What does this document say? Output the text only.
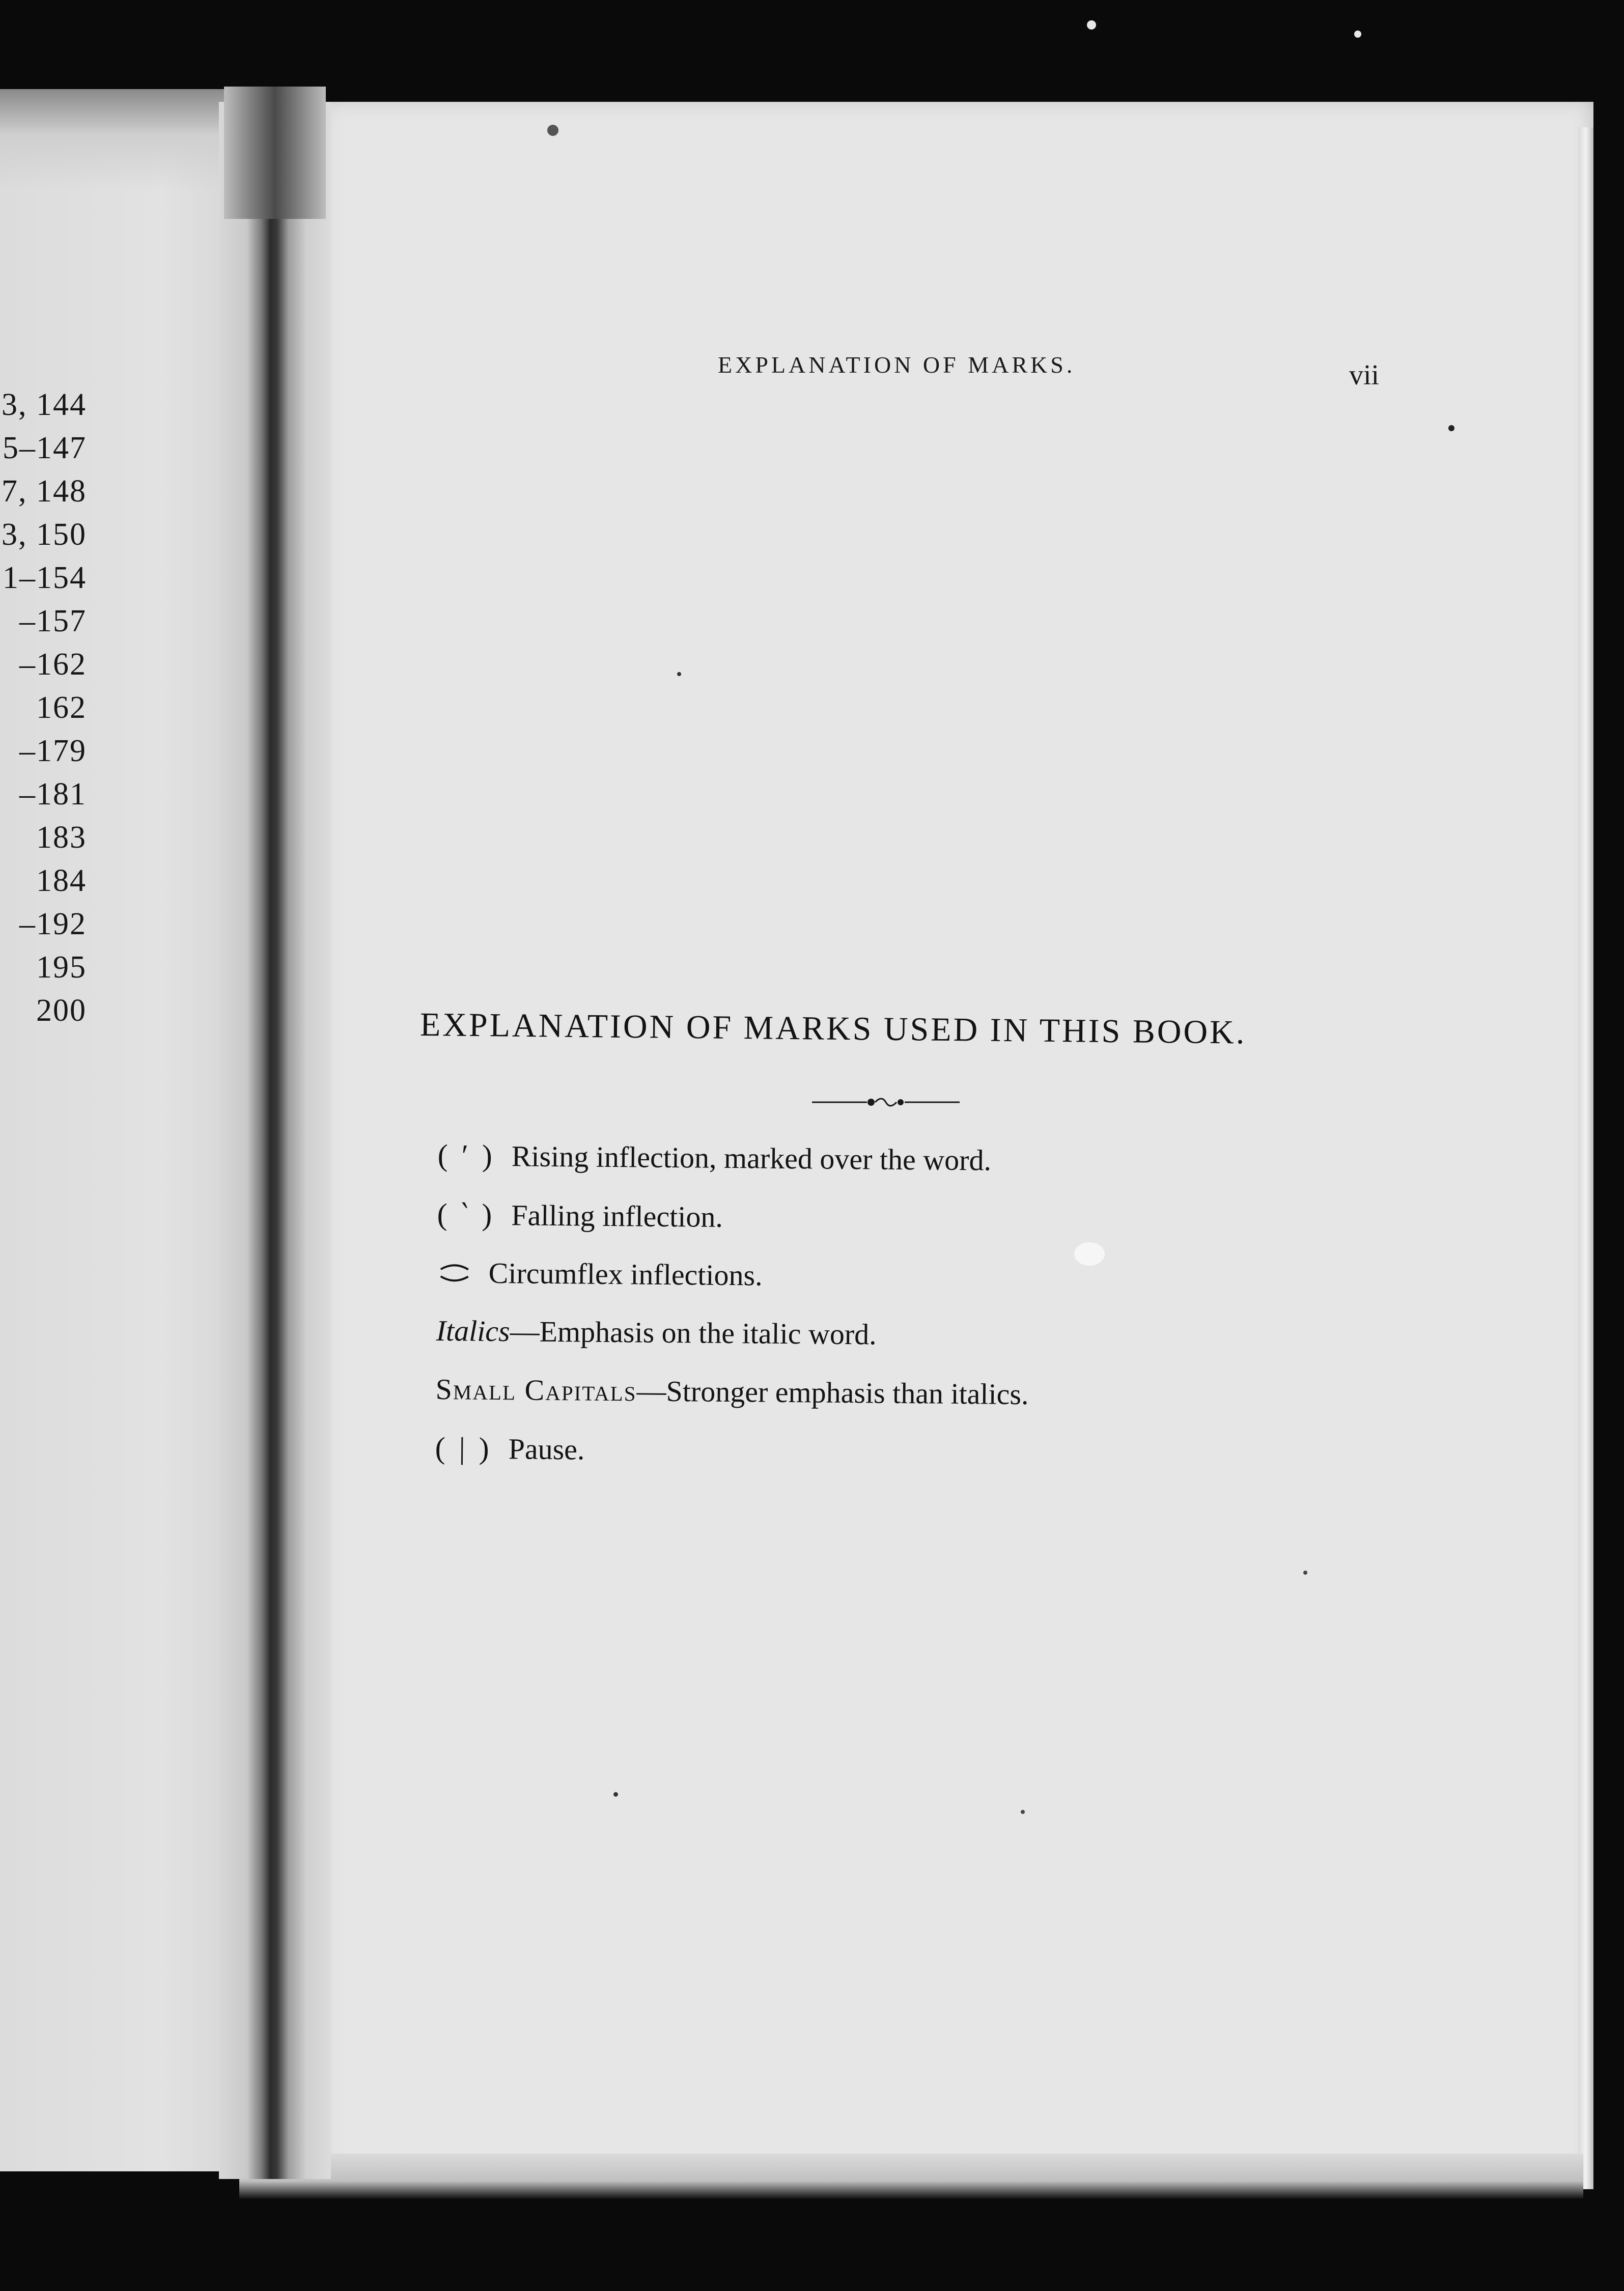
3, 144
5–147
7, 148
3, 150
1–154
–157
–162
162
–179
–181
183
184
–192
195
200
EXPLANATION OF MARKS.	vii
EXPLANATION OF MARKS USED IN THIS BOOK.
( ′ ) Rising inflection, marked over the word.
( ‵ ) Falling inflection.
Circumflex inflections.
Italics —Emphasis on the italic word.
Small Capitals —Stronger emphasis than italics.
( | ) Pause.
